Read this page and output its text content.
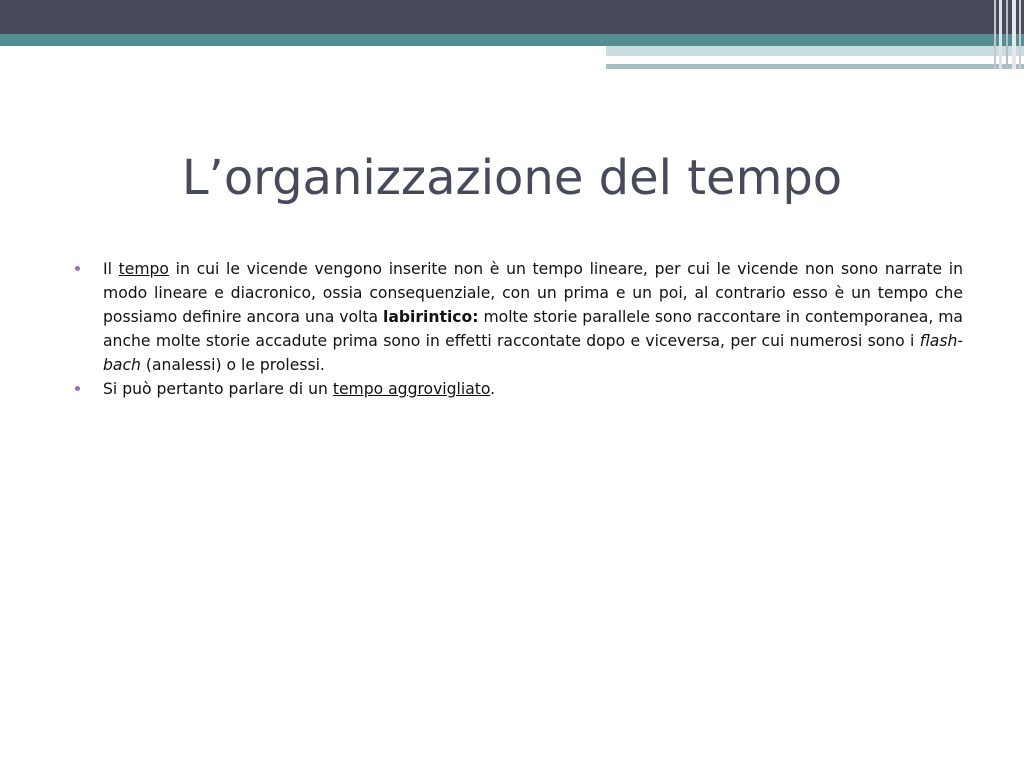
L’organizzazione del tempo
Il tempo in cui le vicende vengono inserite non è un tempo lineare, per cui le vicende non sono narrate in modo lineare e diacronico, ossia consequenziale, con un prima e un poi, al contrario esso è un tempo che possiamo definire ancora una volta labirintico: molte storie parallele sono raccontare in contemporanea, ma anche molte storie accadute prima sono in effetti raccontate dopo e viceversa, per cui numerosi sono i flash-bach (analessi) o le prolessi.
Si può pertanto parlare di un tempo aggrovigliato.
